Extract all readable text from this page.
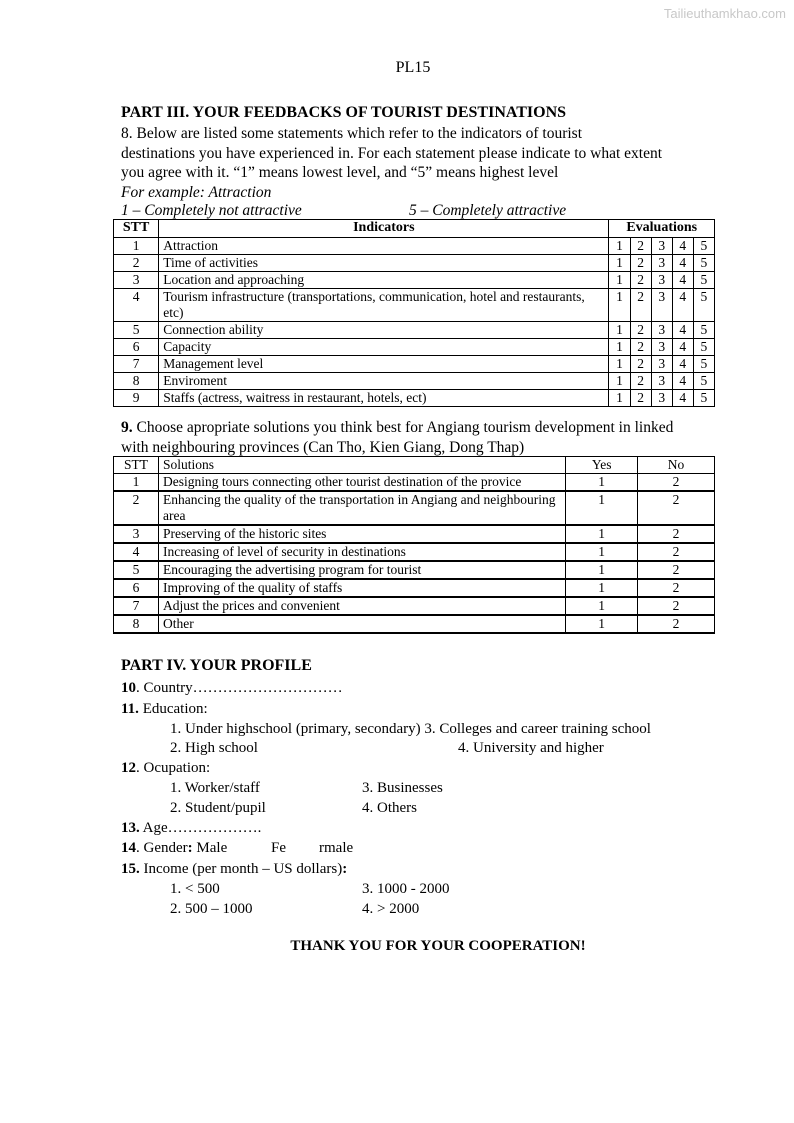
Tailieuthamkhao.com
PL15
PART III. YOUR FEEDBACKS OF TOURIST DESTINATIONS
8. Below are listed some statements which refer to the indicators of tourist
destinations you have experienced in. For each statement please indicate to what extent
you agree with it. “1” means lowest level, and “5” means highest level
For example: Attraction
1 – Completely not attractive	5 – Completely attractive
STT	Indicators	Evaluations				
1	Attraction	1	2	3	4	5
2	Time of activities	1	2	3	4	5
3	Location and approaching	1	2	3	4	5
4	Tourism infrastructure (transportations, communication, hotel and restaurants, etc)	1	2	3	4	5
5	Connection ability	1	2	3	4	5
6	Capacity	1	2	3	4	5
7	Management level	1	2	3	4	5
8	Enviroment	1	2	3	4	5
9	Staffs (actress, waitress in restaurant, hotels, ect)	1	2	3	4	5
9. Choose apropriate solutions you think best for Angiang tourism development in linked
with neighbouring provinces (Can Tho, Kien Giang, Dong Thap)
STT	Solutions	Yes	No
1	Designing tours connecting other tourist destination of the provice	1	2
2	Enhancing the quality of the transportation in Angiang and neighbouring area	1	2
3	Preserving of the historic sites	1	2
4	Increasing of level of security in destinations	1	2
5	Encouraging the advertising program for tourist	1	2
6	Improving of the quality of staffs	1	2
7	Adjust the prices and convenient	1	2
8	Other	1	2
PART IV. YOUR PROFILE
10. Country…………………………
11. Education:
1. Under highschool (primary, secondary) 3. Colleges and career training school
2. High school	4. University and higher
12. Ocupation:
1. Worker/staff	3. Businesses
2. Student/pupil	4. Others
13. Age……………….
14. Gender: Male	Fe rmale
15. Income (per month – US dollars):
1. < 500	3. 1000 - 2000
2. 500 – 1000	4. > 2000
THANK YOU FOR YOUR COOPERATION!
